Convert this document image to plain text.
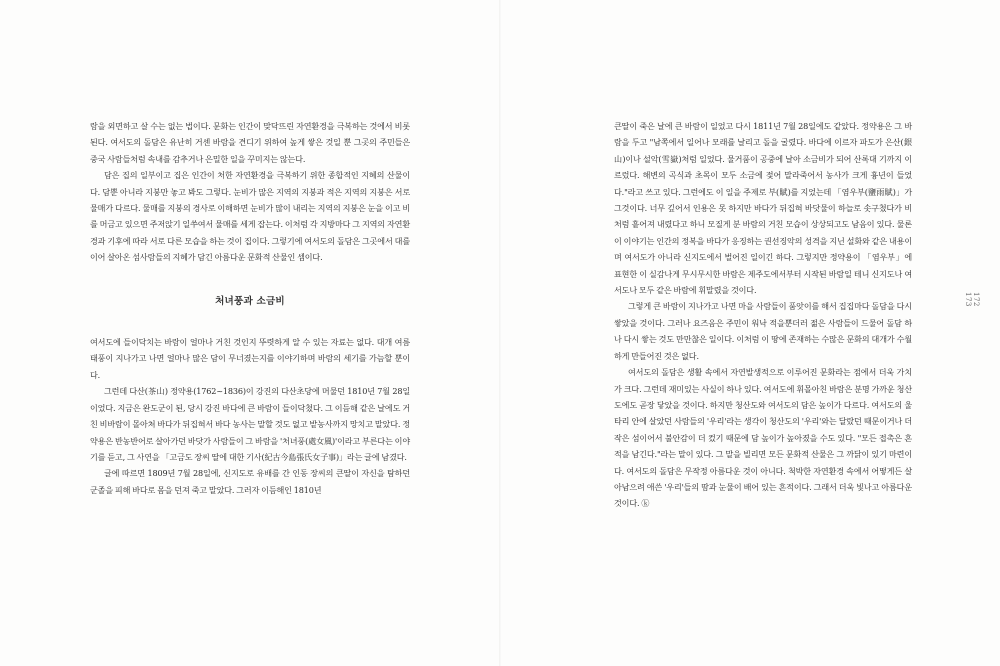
람을 외면하고 살 수는 없는 법이다. 문화는 인간이 맞닥뜨린 자연환경을 극복하는 것에서 비롯된다. 여서도의 돌담은 유난히 거센 바람을 견디기 위하여 높게 쌓은 것일 뿐 그곳의 주민들은 중국 사람들처럼 속내를 감추거나 은밀한 일을 꾸미지는 않는다.

담은 집의 일부이고 집은 인간이 처한 자연환경을 극복하기 위한 종합적인 지혜의 산물이다. 담뿐 아니라 지붕만 놓고 봐도 그렇다. 눈비가 많은 지역의 지붕과 적은 지역의 지붕은 서로 물매가 다르다. 물매를 지붕의 경사로 이해하면 눈비가 많이 내리는 지역의 지붕은 눈을 이고 비를 머금고 있으면 주저앉기 일쑤여서 물매를 세게 잡는다. 이처럼 각 지방마다 그 지역의 자연환경과 기후에 따라 서로 다른 모습을 하는 것이 집이다. 그렇기에 여서도의 돌담은 그곳에서 대를 이어 살아온 섬사람들의 지혜가 담긴 아름다운 문화적 산물인 셈이다.

처녀풍과 소금비

여서도에 들이닥치는 바람이 얼마나 거친 것인지 뚜렷하게 알 수 있는 자료는 없다. 대개 여름 태풍이 지나가고 나면 얼마나 많은 담이 무너졌는지를 이야기하며 바람의 세기를 가늠할 뿐이다.

그런데 다산(茶山) 정약용(1762~1836)이 강진의 다산초당에 머물던 1810년 7월 28일이었다. 지금은 완도군이 된, 당시 강진 바다에 큰 바람이 들이닥쳤다. 그 이듬해 같은 날에도 거친 비바람이 몰아쳐 바다가 뒤집혀서 바다 농사는 말할 것도 없고 밭농사까지 망치고 말았다. 정약용은 반농반어로 살아가던 바닷가 사람들이 그 바람을 '처녀풍(處女風)'이라고 부른다는 이야기를 듣고, 그 사연을 「고금도 장씨 딸에 대한 기사(紀古今島張氏女子事)」라는 글에 남겼다.

글에 따르면 1809년 7월 28일에, 신지도로 유배를 간 인동 장씨의 큰딸이 자신을 탐하던 군졸을 피해 바다로 몸을 던져 죽고 말았다. 그러자 이듬해인 1810년

큰딸이 죽은 날에 큰 바람이 일었고 다시 1811년 7월 28일에도 같았다. 정약용은 그 바람을 두고 "남쪽에서 일어나 모래를 날리고 돌을 굴렸다. 바다에 이르자 파도가 은산(銀山)이나 설악(雪嶽)처럼 일었다. 물거품이 공중에 날아 소금비가 되어 산록대 기까지 이르렀다. 해변의 곡식과 초목이 모두 소금에 젖어 말라죽어서 농사가 크게 흉년이 들었다."라고 쓰고 있다. 그런에도 이 일을 주제로 부(賦)를 지었는데 「염우부(鹽雨賦)」가 그것이다. 너무 깊어서 인용은 못 하지만 바다가 뒤집혀 바닷물이 하늘로 솟구쳤다가 비처럼 흩어져 내렸다고 하니 모질게 분 바람의 거친 모습이 상상되고도 남음이 있다. 물론 이 이야기는 인간의 정복을 바다가 응징하는 권선징악의 성격을 지닌 설화와 같은 내용이며 여서도가 아니라 신지도에서 벌어진 일이긴 하다. 그렇지만 정약용이 「염우부」에 표현한 이 실감나게 무시무시한 바람은 제주도에서부터 시작된 바람일 테니 신지도나 여서도나 모두 같은 바람에 휘말렸을 것이다.

그렇게 큰 바람이 지나가고 나면 마을 사람들이 품앗이를 해서 집집마다 돌담을 다시 쌓았을 것이다. 그러나 요즈음은 주민이 워낙 적을뿐더러 젊은 사람들이 드물어 돌담 하나 다시 쌓는 것도 만만찮은 일이다. 이처럼 이 땅에 존재하는 수많은 문화의 대개가 수월하게 만들어진 것은 없다.

여서도의 돌담은 생활 속에서 자연발생적으로 이루어진 문화라는 점에서 더욱 가치가 크다. 그런데 재미있는 사실이 하나 있다. 여서도에 휘몰아친 바람은 분명 가까운 청산도에도 곧장 닿았을 것이다. 하지만 청산도와 여서도의 담은 높이가 다르다. 여서도의 울타리 안에 살았던 사람들의 '우리'라는 생각이 청산도의 '우리'와는 달랐던 때문이거나 더 작은 섬이어서 불안감이 더 컸기 때문에 담 높이가 높아졌을 수도 있다. "모든 접촉은 흔적을 남긴다."라는 말이 있다. 그 말을 빌리면 모든 문화적 산물은 그 까닭이 있기 마련이다. 여서도의 돌담은 무작정 아름다운 것이 아니다. 척박한 자연환경 속에서 어떻게든 살아남으려 애쓴 '우리'들의 땀과 눈물이 배어 있는 흔적이다. 그래서 더욱 빛나고 아름다운 것이다. ⓚ

172
173
